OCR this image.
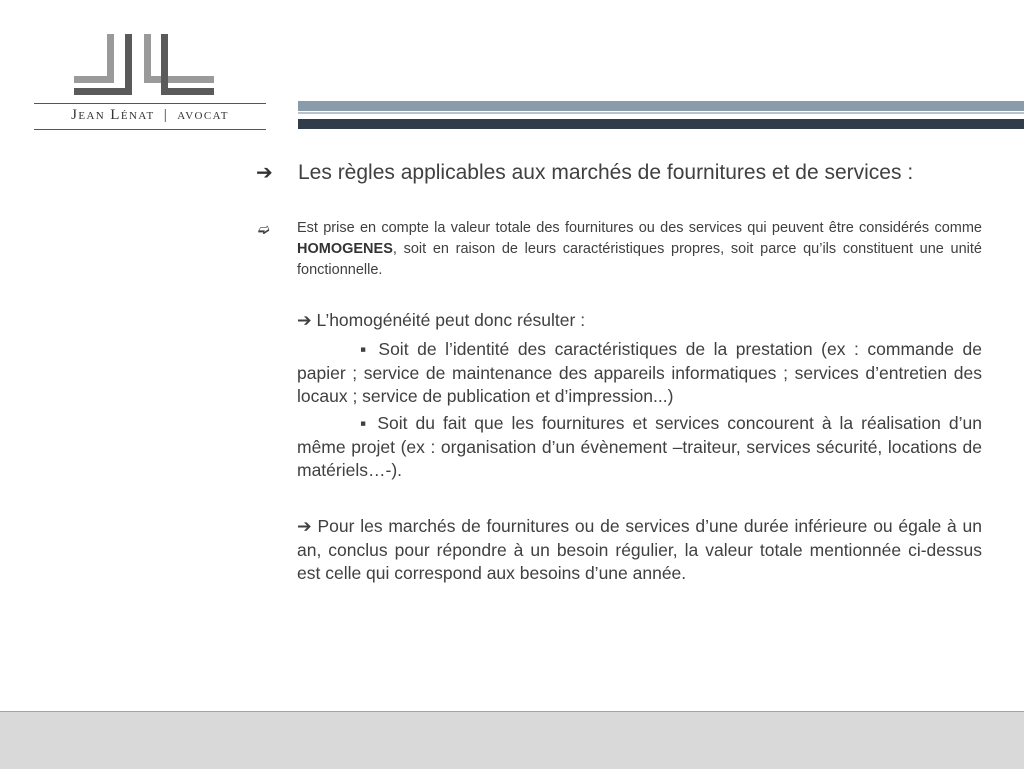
Jean Lénat | avocat
➔	Les règles applicables aux marchés de fournitures et de services :
➫ Est prise en compte la valeur totale des fournitures ou des services qui peuvent être considérés comme HOMOGENES, soit en raison de leurs caractéristiques propres, soit parce qu’ils constituent une unité fonctionnelle.
➔ L’homogénéité peut donc résulter :
▪ Soit de l’identité des caractéristiques de la prestation (ex : commande de papier ; service de maintenance des appareils informatiques ; services d’entretien des locaux ; service de publication et d’impression...)
▪ Soit du fait que les fournitures et services concourent à la réalisation d’un même projet (ex : organisation d’un évènement –traiteur, services sécurité, locations de matériels…-).
➔ Pour les marchés de fournitures ou de services d’une durée inférieure ou égale à un an, conclus pour répondre à un besoin régulier, la valeur totale mentionnée ci-dessus est celle qui correspond aux besoins d’une année.
